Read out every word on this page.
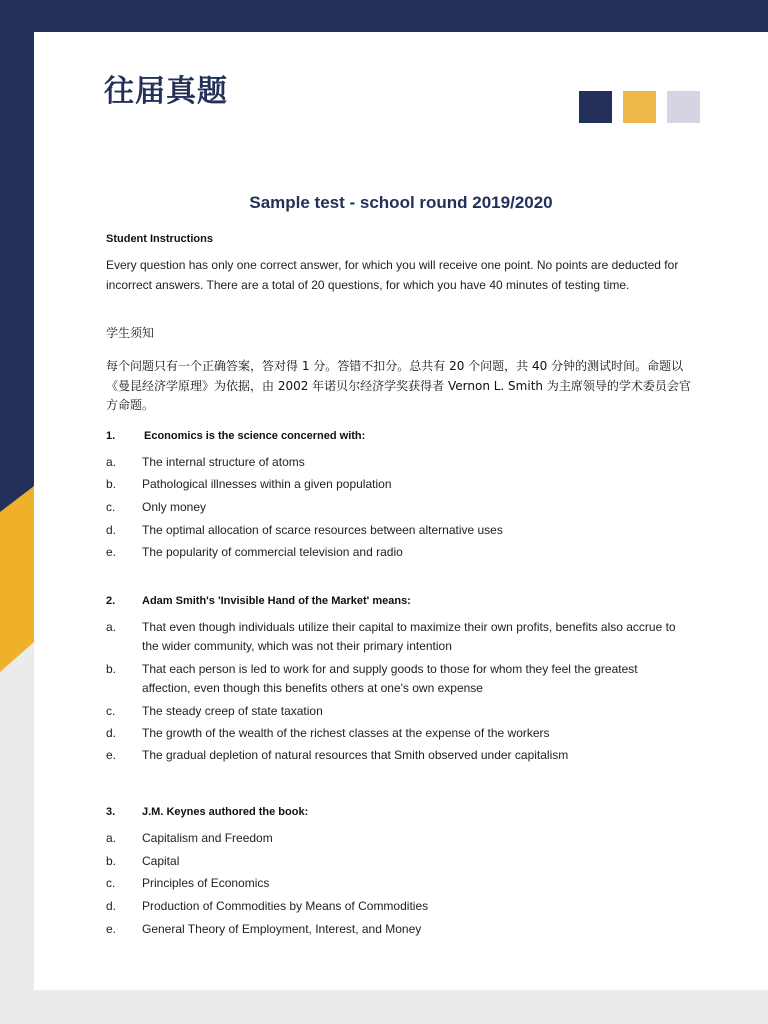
往届真题
Sample test - school round 2019/2020
Student Instructions
Every question has only one correct answer, for which you will receive one point. No points are deducted for incorrect answers. There are a total of 20 questions, for which you have 40 minutes of testing time.
学生须知
每个问题只有一个正确答案，答对得 1 分。答错不扣分。总共有 20 个问题，共 40 分钟的测试时间。命题以《曼昆经济学原理》为依据，由 2002 年诺贝尔经济学奖获得者 Vernon L. Smith 为主席领导的学术委员会官方命题。
1.	Economics is the science concerned with:
a. The internal structure of atoms
b. Pathological illnesses within a given population
c. Only money
d. The optimal allocation of scarce resources between alternative uses
e. The popularity of commercial television and radio
2. Adam Smith's 'Invisible Hand of the Market' means:
a. That even though individuals utilize their capital to maximize their own profits, benefits also accrue to the wider community, which was not their primary intention
b. That each person is led to work for and supply goods to those for whom they feel the greatest affection, even though this benefits others at one's own expense
c. The steady creep of state taxation
d. The growth of the wealth of the richest classes at the expense of the workers
e. The gradual depletion of natural resources that Smith observed under capitalism
3. J.M. Keynes authored the book:
a. Capitalism and Freedom
b. Capital
c. Principles of Economics
d. Production of Commodities by Means of Commodities
e. General Theory of Employment, Interest, and Money
